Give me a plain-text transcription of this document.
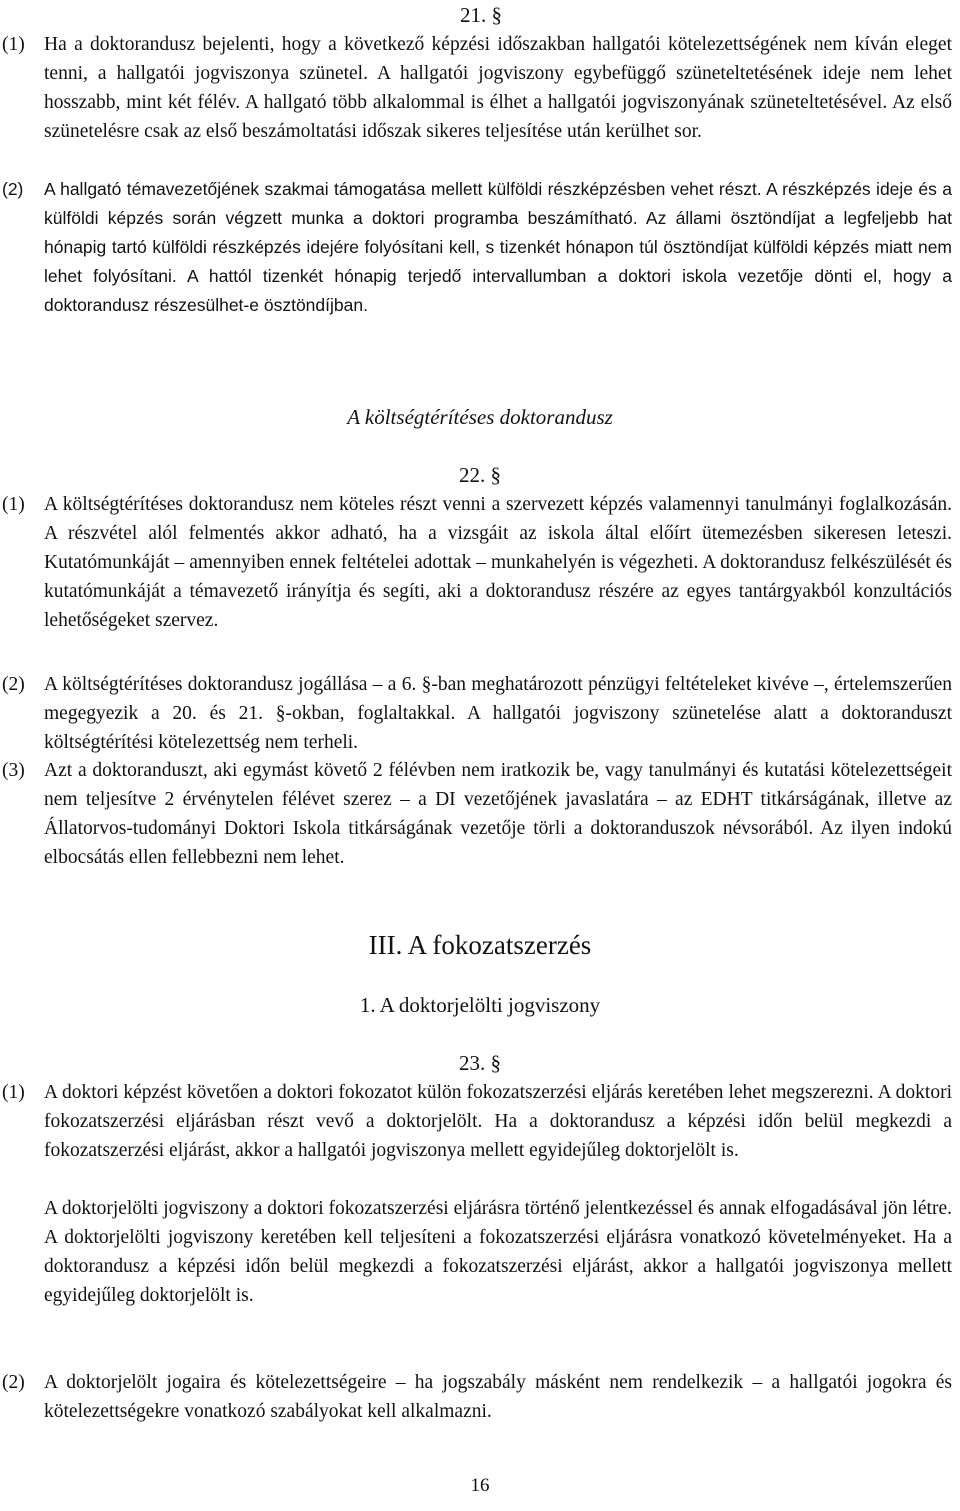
21. §
(1) Ha a doktorandusz bejelenti, hogy a következő képzési időszakban hallgatói kötelezettségének nem kíván eleget tenni, a hallgatói jogviszonya szünetel. A hallgatói jogviszony egybefüggő szüneteltetésének ideje nem lehet hosszabb, mint két félév. A hallgató több alkalommal is élhet a hallgatói jogviszonyának szüneteltetésével. Az első szünetelésre csak az első beszámoltatási időszak sikeres teljesítése után kerülhet sor.
(2) A hallgató témavezetőjének szakmai támogatása mellett külföldi részképzésben vehet részt. A részképzés ideje és a külföldi képzés során végzett munka a doktori programba beszámítható. Az állami ösztöndíjat a legfeljebb hat hónapig tartó külföldi részképzés idejére folyósítani kell, s tizenkét hónapon túl ösztöndíjat külföldi képzés miatt nem lehet folyósítani. A hattól tizenkét hónapig terjedő intervallumban a doktori iskola vezetője dönti el, hogy a doktorandusz részesülhet-e ösztöndíjban.
A költségtérítéses doktorandusz
22. §
(1) A költségtérítéses doktorandusz nem köteles részt venni a szervezett képzés valamennyi tanulmányi foglalkozásán. A részvétel alól felmentés akkor adható, ha a vizsgáit az iskola által előírt ütemezésben sikeresen leteszi. Kutatómunkáját – amennyiben ennek feltételei adottak – munkahelyén is végezheti. A doktorandusz felkészülését és kutatómunkáját a témavezető irányítja és segíti, aki a doktorandusz részére az egyes tantárgyakból konzultációs lehetőségeket szervez.
(2) A költségtérítéses doktorandusz jogállása – a 6. §-ban meghatározott pénzügyi feltételeket kivéve –, értelemszerűen megegyezik a 20. és 21. §-okban, foglaltakkal. A hallgatói jogviszony szünetelése alatt a doktoranduszt költségtérítési kötelezettség nem terheli.
(3) Azt a doktoranduszt, aki egymást követő 2 félévben nem iratkozik be, vagy tanulmányi és kutatási kötelezettségeit nem teljesítve 2 érvénytelen félévet szerez – a DI vezetőjének javaslatára – az EDHT titkárságának, illetve az Állatorvos-tudományi Doktori Iskola titkárságának vezetője törli a doktoranduszok névsorából. Az ilyen indokú elbocsátás ellen fellebbezni nem lehet.
III. A fokozatszerzés
1. A doktorjelölti jogviszony
23. §
(1) A doktori képzést követően a doktori fokozatot külön fokozatszerzési eljárás keretében lehet megszerezni. A doktori fokozatszerzési eljárásban részt vevő a doktorjelölt. Ha a doktorandusz a képzési időn belül megkezdi a fokozatszerzési eljárást, akkor a hallgatói jogviszonya mellett egyidejűleg doktorjelölt is.
A doktorjelölti jogviszony a doktori fokozatszerzési eljárásra történő jelentkezéssel és annak elfogadásával jön létre. A doktorjelölti jogviszony keretében kell teljesíteni a fokozatszerzési eljárásra vonatkozó követelményeket. Ha a doktorandusz a képzési időn belül megkezdi a fokozatszerzési eljárást, akkor a hallgatói jogviszonya mellett egyidejűleg doktorjelölt is.
(2) A doktorjelölt jogaira és kötelezettségeire – ha jogszabály másként nem rendelkezik – a hallgatói jogokra és kötelezettségekre vonatkozó szabályokat kell alkalmazni.
16
